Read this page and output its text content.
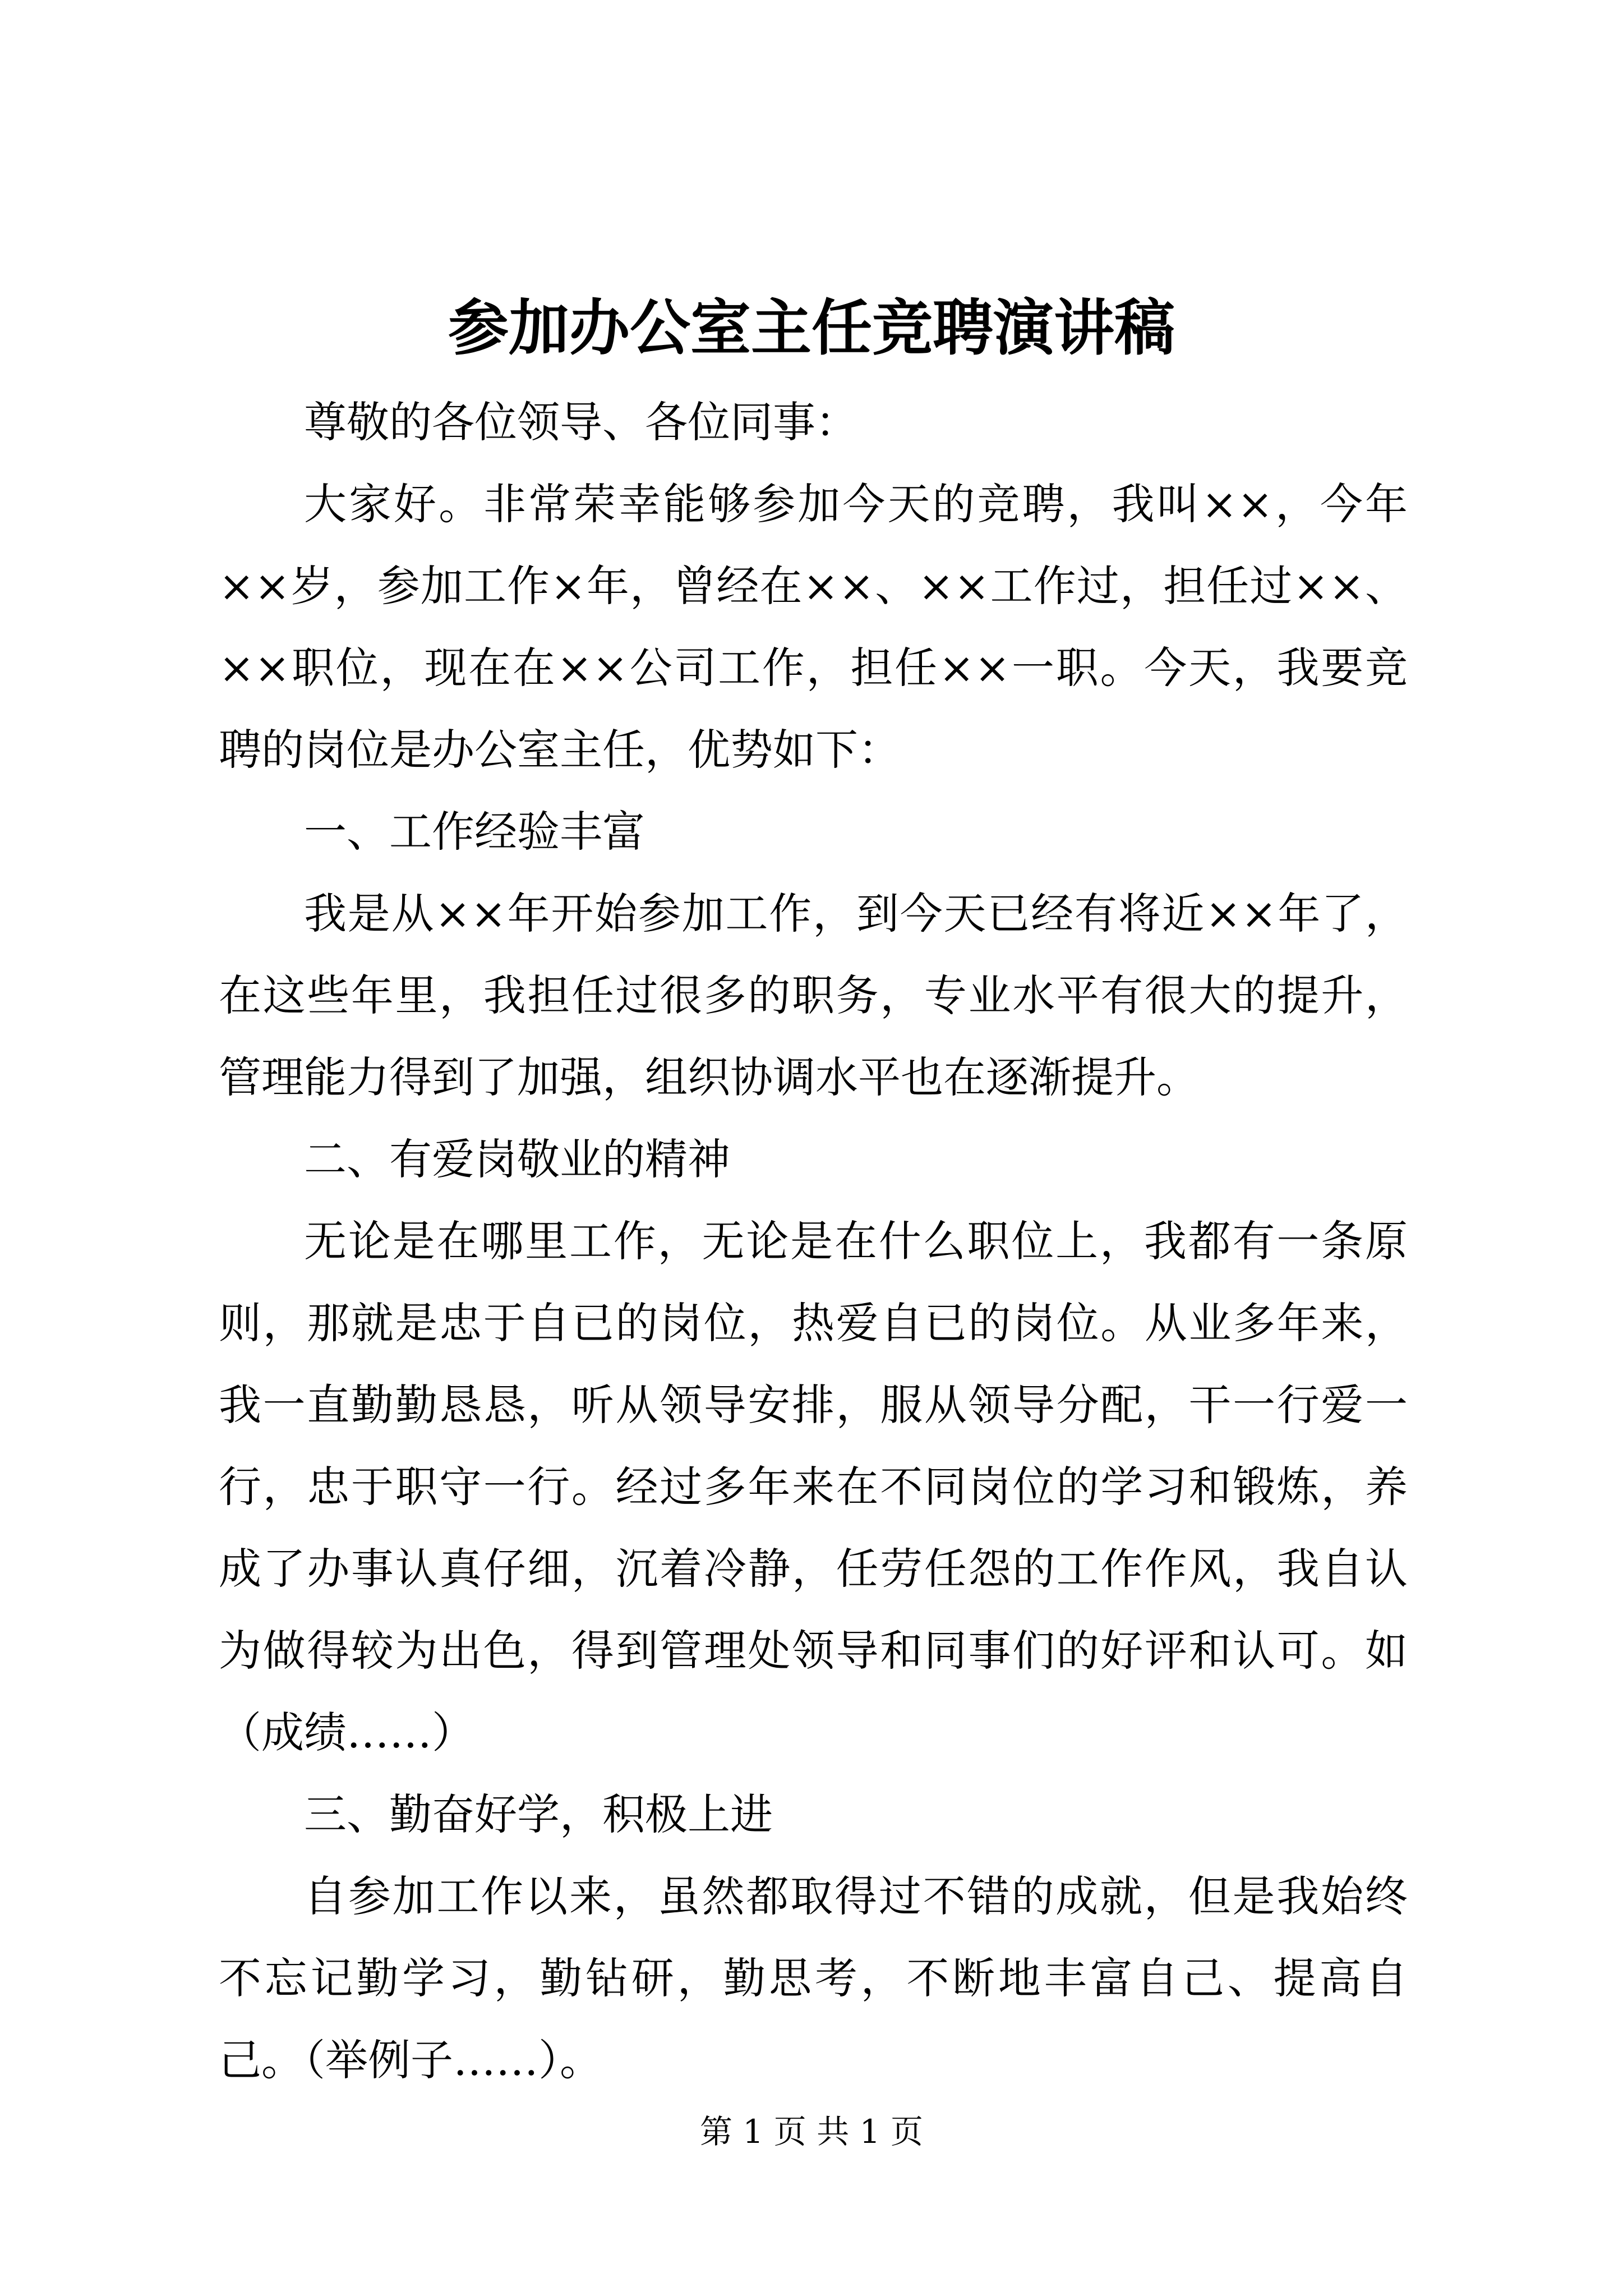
参加办公室主任竞聘演讲稿

尊敬的各位领导、各位同事：

大家好。非常荣幸能够参加今天的竞聘，我叫××，今年××岁，参加工作×年，曾经在××、××工作过，担任过××、××职位，现在在××公司工作，担任××一职。今天，我要竞聘的岗位是办公室主任，优势如下：

一、工作经验丰富

我是从××年开始参加工作，到今天已经有将近××年了，在这些年里，我担任过很多的职务，专业水平有很大的提升，管理能力得到了加强，组织协调水平也在逐渐提升。

二、有爱岗敬业的精神

无论是在哪里工作，无论是在什么职位上，我都有一条原则，那就是忠于自已的岗位，热爱自已的岗位。从业多年来，我一直勤勤恳恳，听从领导安排，服从领导分配，干一行爱一行，忠于职守一行。经过多年来在不同岗位的学习和锻炼，养成了办事认真仔细，沉着冷静，任劳任怨的工作作风，我自认为做得较为出色，得到管理处领导和同事们的好评和认可。如（成绩……）

三、勤奋好学，积极上进

自参加工作以来，虽然都取得过不错的成就，但是我始终不忘记勤学习，勤钻研，勤思考，不断地丰富自己、提高自己。（举例子……）。

第 1 页 共 1 页
